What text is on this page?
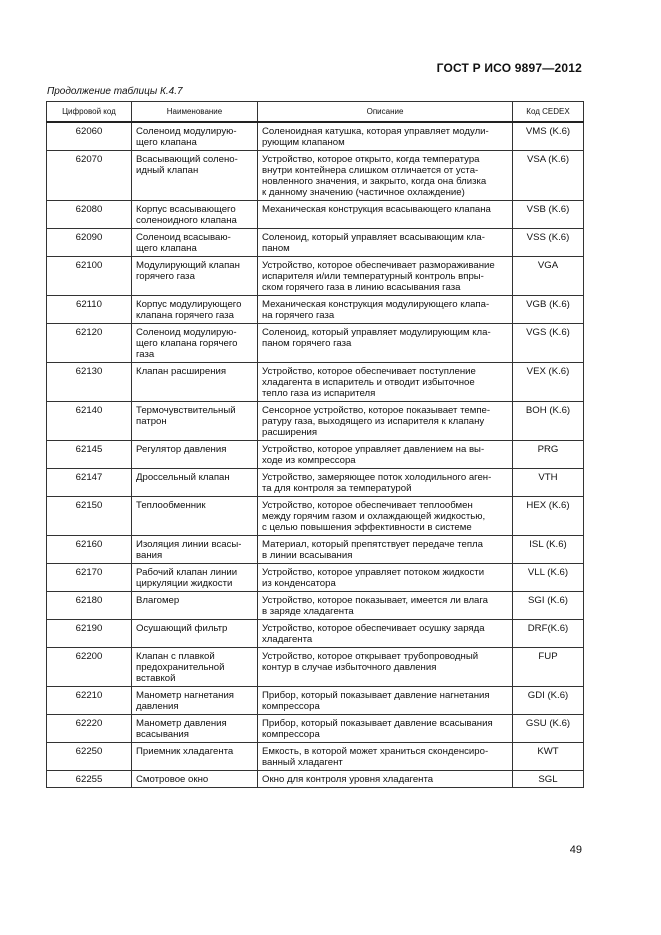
ГОСТ Р ИСО 9897—2012
Продолжение таблицы К.4.7
Цифровой код	Наименование	Описание	Код CEDEX
62060	Соленоид модулирую-
щего клапана	Соленоидная катушка, которая управляет модули-
рующим клапаном	VMS (K.6)
62070	Всасывающий солено-
идный клапан	Устройство, которое открыто, когда температура
внутри контейнера слишком отличается от уста-
новленного значения, и закрыто, когда она близка
к данному значению (частичное охлаждение)	VSA (K.6)
62080	Корпус всасывающего
соленоидного клапана	Механическая конструкция всасывающего клапана	VSB (K.6)
62090	Соленоид всасываю-
щего клапана	Соленоид, который управляет всасывающим кла-
паном	VSS (K.6)
62100	Модулирующий клапан
горячего газа	Устройство, которое обеспечивает размораживание
испарителя и/или температурный контроль впры-
ском горячего газа в линию всасывания газа	VGA
62110	Корпус модулирующего
клапана горячего газа	Механическая конструкция модулирующего клапа-
на горячего газа	VGB (K.6)
62120	Соленоид модулирую-
щего клапана горячего
газа	Соленоид, который управляет модулирующим кла-
паном горячего газа	VGS (K.6)
62130	Клапан расширения	Устройство, которое обеспечивает поступление
хладагента в испаритель и отводит избыточное
тепло газа из испарителя	VEX (K.6)
62140	Термочувствительный
патрон	Сенсорное устройство, которое показывает темпе-
ратуру газа, выходящего из испарителя к клапану
расширения	BOH (K.6)
62145	Регулятор давления	Устройство, которое управляет давлением на вы-
ходе из компрессора	PRG
62147	Дроссельный клапан	Устройство, замеряющее поток холодильного аген-
та для контроля за температурой	VTH
62150	Теплообменник	Устройство, которое обеспечивает теплообмен
между горячим газом и охлаждающей жидкостью,
с целью повышения эффективности в системе	HEX (K.6)
62160	Изоляция линии всасы-
вания	Материал, который препятствует передаче тепла
в линии всасывания	ISL (K.6)
62170	Рабочий клапан линии
циркуляции жидкости	Устройство, которое управляет потоком жидкости
из конденсатора	VLL (K.6)
62180	Влагомер	Устройство, которое показывает, имеется ли влага
в заряде хладагента	SGI (K.6)
62190	Осушающий фильтр	Устройство, которое обеспечивает осушку заряда
хладагента	DRF(K.6)
62200	Клапан с плавкой
предохранительной
вставкой	Устройство, которое открывает трубопроводный
контур в случае избыточного давления	FUP
62210	Манометр нагнетания
давления	Прибор, который показывает давление нагнетания
компрессора	GDI (K.6)
62220	Манометр давления
всасывания	Прибор, который показывает давление всасывания
компрессора	GSU (K.6)
62250	Приемник хладагента	Емкость, в которой может храниться сконденсиро-
ванный хладагент	KWT
62255	Смотровое окно	Окно для контроля уровня хладагента	SGL
49
